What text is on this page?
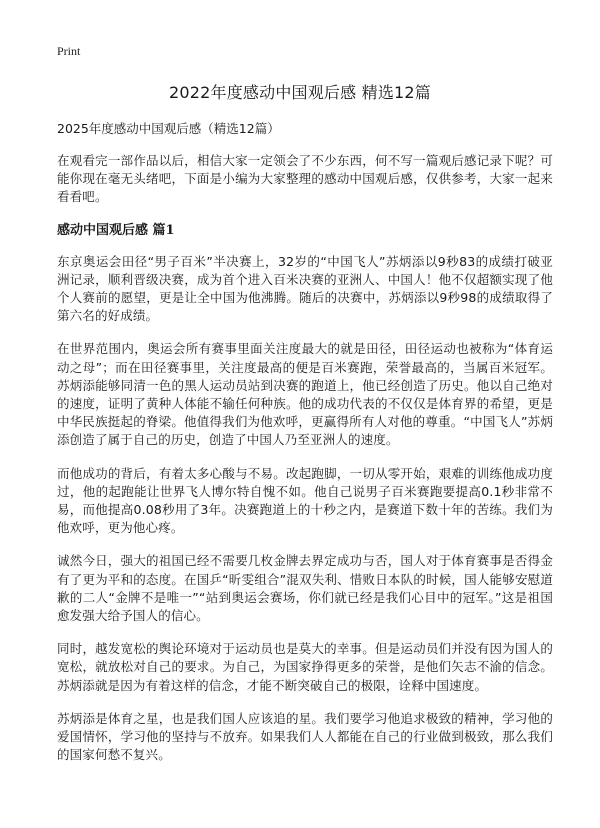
Print
2022年度感动中国观后感 精选12篇

2025年度感动中国观后感（精选12篇）

在观看完一部作品以后，相信大家一定领会了不少东西，何不写一篇观后感记录下呢？可能你现在毫无头绪吧，下面是小编为大家整理的感动中国观后感，仅供参考，大家一起来看看吧。

感动中国观后感 篇1

东京奥运会田径“男子百米”半决赛上，32岁的“中国飞人”苏炳添以9秒83的成绩打破亚洲记录，顺利晋级决赛，成为首个进入百米决赛的亚洲人、中国人！他不仅超额实现了他个人赛前的愿望，更是让全中国为他沸腾。随后的决赛中，苏炳添以9秒98的成绩取得了第六名的好成绩。

在世界范围内，奥运会所有赛事里面关注度最大的就是田径，田径运动也被称为“体育运动之母”；而在田径赛事里，关注度最高的便是百米赛跑，荣誉最高的，当属百米冠军。苏炳添能够同清一色的黑人运动员站到决赛的跑道上，他已经创造了历史。他以自己绝对的速度，证明了黄种人体能不输任何种族。他的成功代表的不仅仅是体育界的希望，更是中华民族挺起的脊梁。他值得我们为他欢呼，更赢得所有人对他的尊重。“中国飞人”苏炳添创造了属于自己的历史，创造了中国人乃至亚洲人的速度。

而他成功的背后，有着太多心酸与不易。改起跑脚，一切从零开始，艰难的训练他成功度过，他的起跑能让世界飞人博尔特自愧不如。他自己说男子百米赛跑要提高0.1秒非常不易，而他提高0.08秒用了3年。决赛跑道上的十秒之内，是赛道下数十年的苦练。我们为他欢呼，更为他心疼。

诚然今日，强大的祖国已经不需要几枚金牌去界定成功与否，国人对于体育赛事是否得金有了更为平和的态度。在国乒“昕雯组合”混双失利、惜败日本队的时候，国人能够安慰道歉的二人“金牌不是唯一”“站到奥运会赛场，你们就已经是我们心目中的冠军。”这是祖国愈发强大给予国人的信心。

同时，越发宽松的舆论环境对于运动员也是莫大的幸事。但是运动员们并没有因为国人的宽松，就放松对自己的要求。为自己，为国家挣得更多的荣誉，是他们矢志不渝的信念。苏炳添就是因为有着这样的信念，才能不断突破自己的极限，诠释中国速度。

苏炳添是体育之星，也是我们国人应该追的星。我们要学习他追求极致的精神，学习他的爱国情怀，学习他的坚持与不放弃。如果我们人人都能在自己的行业做到极致，那么我们的国家何愁不复兴。
